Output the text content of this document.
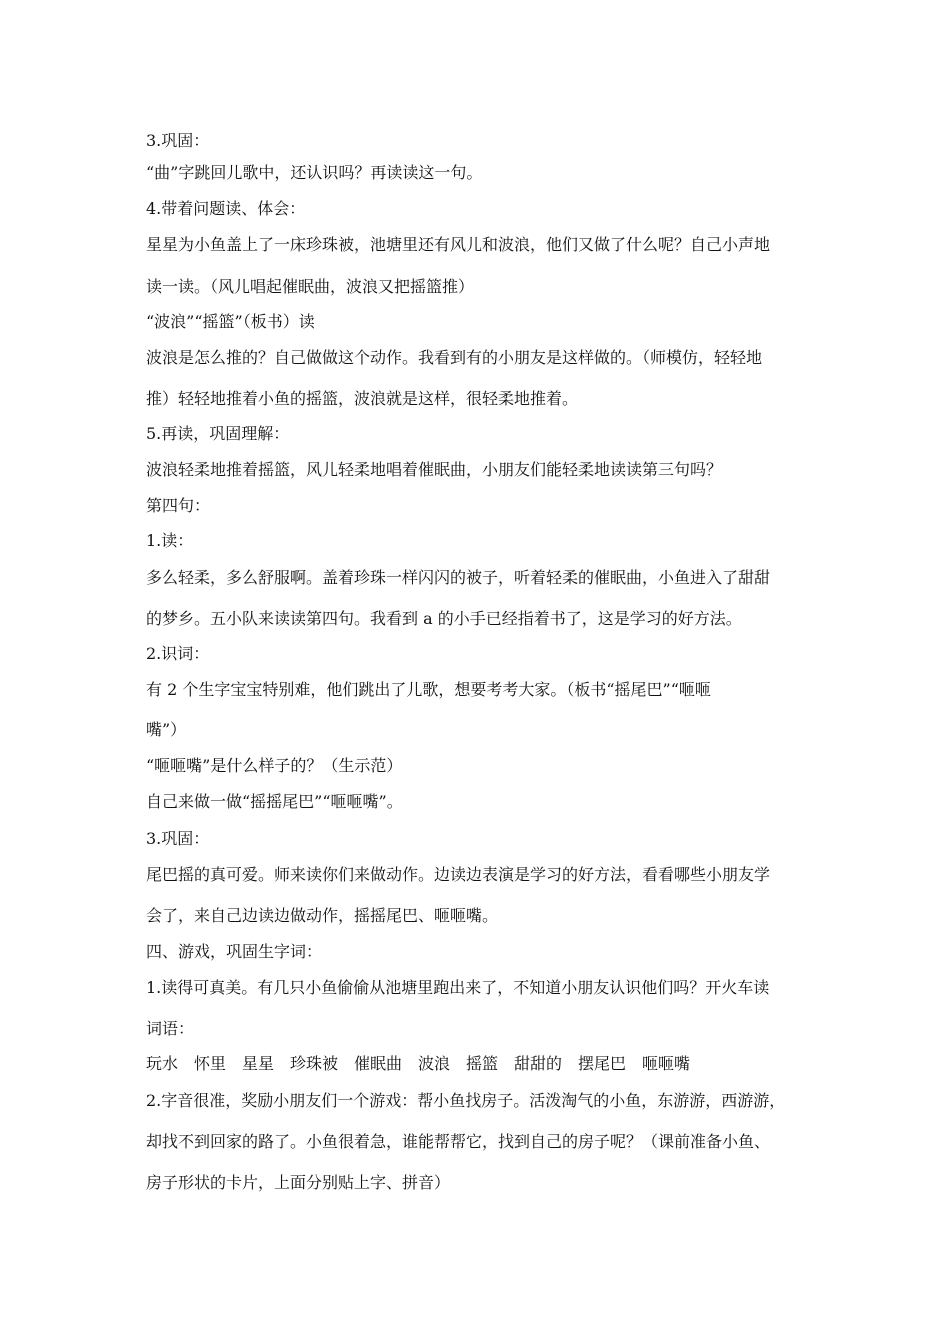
3.巩固：
“曲”字跳回儿歌中，还认识吗？再读读这一句。
4.带着问题读、体会：
星星为小鱼盖上了一床珍珠被，池塘里还有风儿和波浪，他们又做了什么呢？自己小声地
读一读。（风儿唱起催眠曲，波浪又把摇篮推）
“波浪”“摇篮”（板书）读
波浪是怎么推的？自己做做这个动作。我看到有的小朋友是这样做的。（师模仿，轻轻地
推）轻轻地推着小鱼的摇篮，波浪就是这样，很轻柔地推着。
5.再读，巩固理解：
波浪轻柔地推着摇篮，风儿轻柔地唱着催眠曲，小朋友们能轻柔地读读第三句吗？
第四句：
1.读：
多么轻柔，多么舒服啊。盖着珍珠一样闪闪的被子，听着轻柔的催眠曲，小鱼进入了甜甜
的梦乡。五小队来读读第四句。我看到 a 的小手已经指着书了，这是学习的好方法。
2.识词：
有 2 个生字宝宝特别难，他们跳出了儿歌，想要考考大家。（板书“摇尾巴”“咂咂
嘴”）
“咂咂嘴”是什么样子的？（生示范）
自己来做一做“摇摇尾巴”“咂咂嘴”。
3.巩固：
尾巴摇的真可爱。师来读你们来做动作。边读边表演是学习的好方法，看看哪些小朋友学
会了，来自己边读边做动作，摇摇尾巴、咂咂嘴。
四、游戏，巩固生字词：
1.读得可真美。有几只小鱼偷偷从池塘里跑出来了，不知道小朋友认识他们吗？开火车读
词语：
玩水　怀里　星星　珍珠被　催眠曲　波浪　摇篮　甜甜的　摆尾巴　咂咂嘴
2.字音很准，奖励小朋友们一个游戏：帮小鱼找房子。活泼淘气的小鱼，东游游，西游游，
却找不到回家的路了。小鱼很着急，谁能帮帮它，找到自己的房子呢？（课前准备小鱼、
房子形状的卡片，上面分别贴上字、拼音）
